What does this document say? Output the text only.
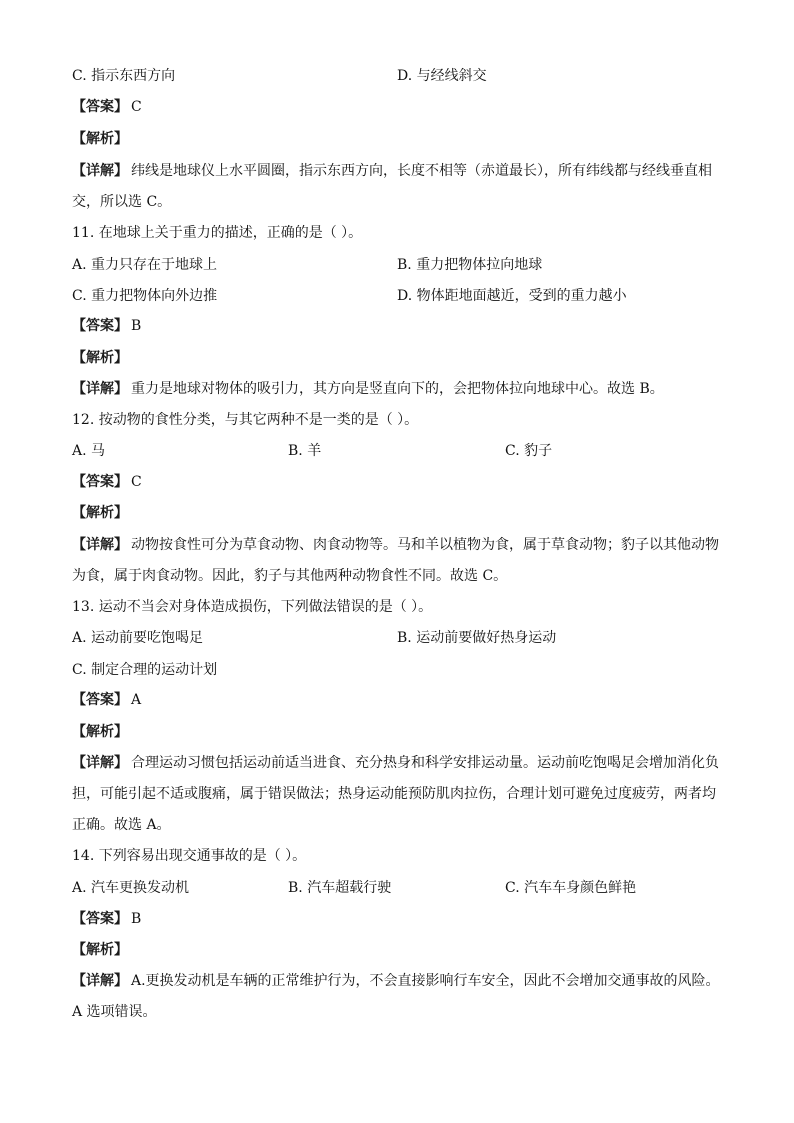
C. 指示东西方向	D. 与经线斜交
【答案】 C
【解析】
【详解】 纬线是地球仪上水平圆圈，指示东西方向，长度不相等（赤道最长），所有纬线都与经线垂直相交，所以选 C。
11. 在地球上关于重力的描述，正确的是（ ）。
A. 重力只存在于地球上	B. 重力把物体拉向地球
C. 重力把物体向外边推	D. 物体距地面越近，受到的重力越小
【答案】 B
【解析】
【详解】 重力是地球对物体的吸引力，其方向是竖直向下的，会把物体拉向地球中心。故选 B。
12. 按动物的食性分类，与其它两种不是一类的是（ ）。
A. 马	B. 羊	C. 豹子
【答案】 C
【解析】
【详解】 动物按食性可分为草食动物、肉食动物等。马和羊以植物为食，属于草食动物；豹子以其他动物为食，属于肉食动物。因此，豹子与其他两种动物食性不同。故选 C。
13. 运动不当会对身体造成损伤，下列做法错误的是（ ）。
A. 运动前要吃饱喝足	B. 运动前要做好热身运动
C. 制定合理的运动计划
【答案】 A
【解析】
【详解】 合理运动习惯包括运动前适当进食、充分热身和科学安排运动量。运动前吃饱喝足会增加消化负担，可能引起不适或腹痛，属于错误做法；热身运动能预防肌肉拉伤，合理计划可避免过度疲劳，两者均正确。故选 A。
14. 下列容易出现交通事故的是（ ）。
A. 汽车更换发动机	B. 汽车超载行驶	C. 汽车车身颜色鲜艳
【答案】 B
【解析】
【详解】 A.更换发动机是车辆的正常维护行为，不会直接影响行车安全，因此不会增加交通事故的风险。A 选项错误。
